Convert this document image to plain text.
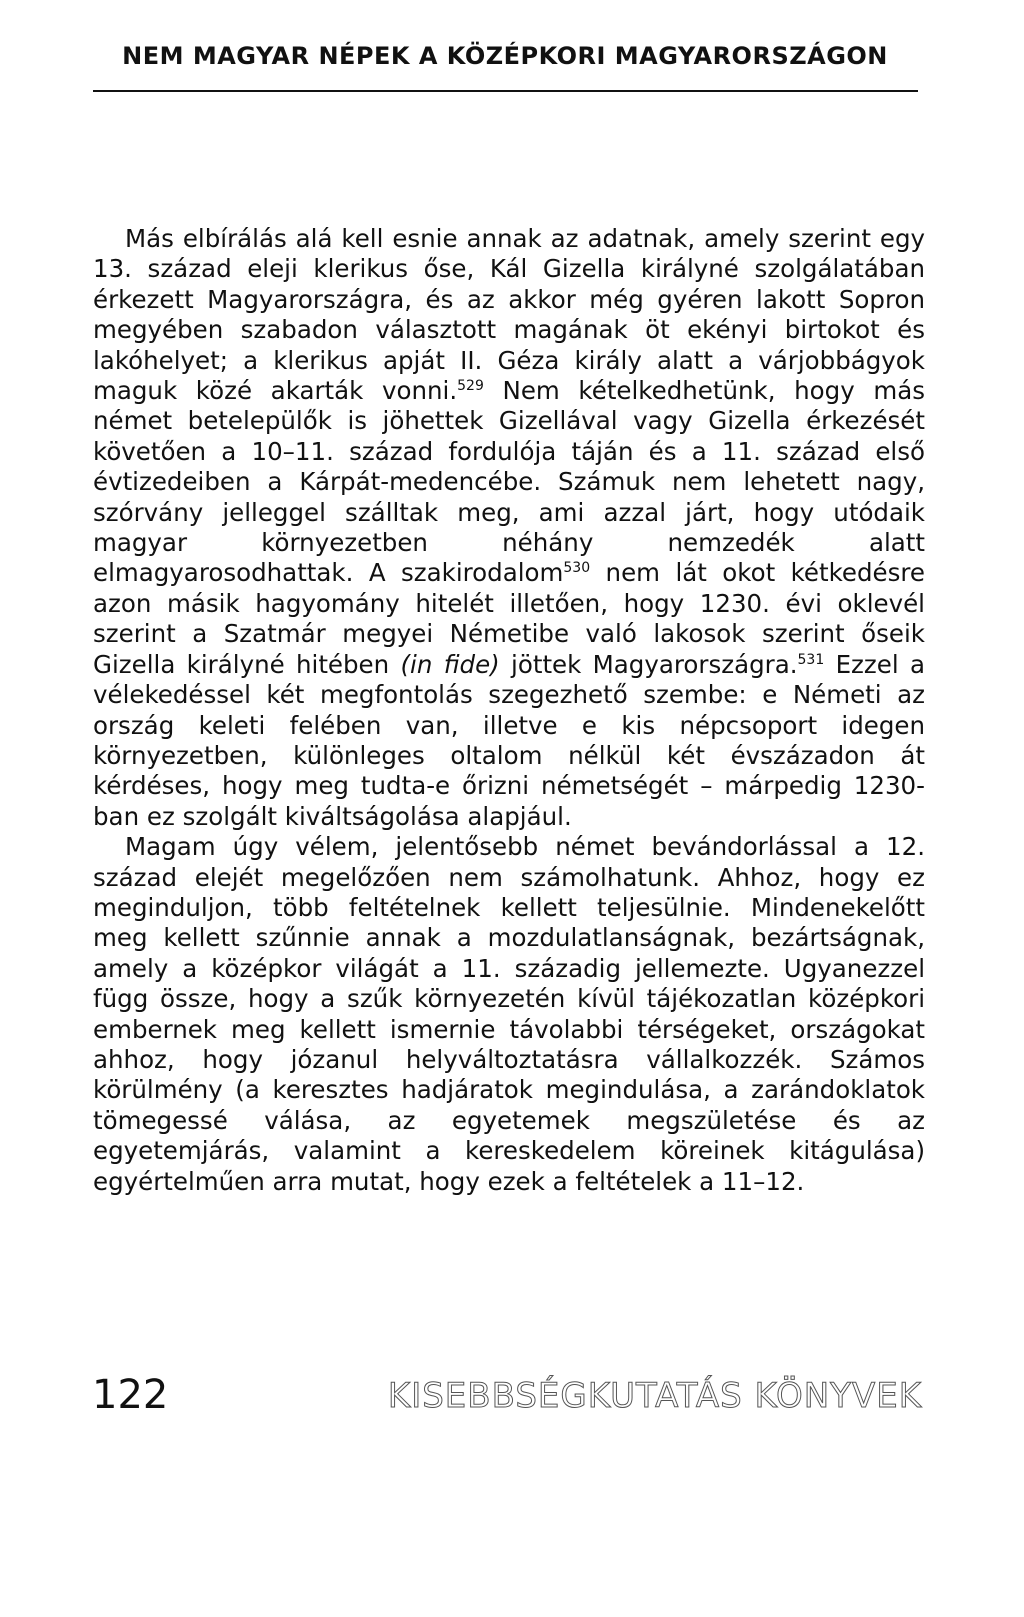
NEM MAGYAR NÉPEK A KÖZÉPKORI MAGYARORSZÁGON

Más elbírálás alá kell esnie annak az adatnak, amely szerint egy 13. század eleji klerikus őse, Kál Gizella királyné szolgálatában érkezett Magyarországra, és az akkor még gyéren lakott Sopron megyében szabadon választott magának öt ekényi birtokot és lakóhelyet; a klerikus apját II. Géza király alatt a várjobbágyok maguk közé akarták vonni.$^{529}$ Nem kételkedhetünk, hogy más német betelepülők is jöhettek Gizellával vagy Gizella érkezését követően a 10–11. század fordulója táján és a 11. század első évtizedeiben a Kárpát-medencébe. Számuk nem lehetett nagy, szórvány jelleggel szálltak meg, ami azzal járt, hogy utódaik magyar környezetben néhány nemzedék alatt elmagyarosodhattak. A szakirodalom$^{530}$ nem lát okot kétkedésre azon másik hagyomány hitelét illetően, hogy 1230. évi oklevél szerint a Szatmár megyei Németibe való lakosok szerint őseik Gizella királyné hitében (in fide) jöttek Magyarországra.$^{531}$ Ezzel a vélekedéssel két megfontolás szegezhető szembe: e Németi az ország keleti felében van, illetve e kis népcsoport idegen környezetben, különleges oltalom nélkül két évszázadon át kérdéses, hogy meg tudta-e őrizni németségét – márpedig 1230-ban ez szolgált kiváltságolása alapjául.

Magam úgy vélem, jelentősebb német bevándorlással a 12. század elejét megelőzően nem számolhatunk. Ahhoz, hogy ez meginduljon, több feltételnek kellett teljesülnie. Mindenekelőtt meg kellett szűnnie annak a mozdulatlanságnak, bezártságnak, amely a középkor világát a 11. századig jellemezte. Ugyanezzel függ össze, hogy a szűk környezetén kívül tájékozatlan középkori embernek meg kellett ismernie távolabbi térségeket, országokat ahhoz, hogy józanul helyváltoztatásra vállalkozzék. Számos körülmény (a keresztes hadjáratok megindulása, a zarándoklatok tömegessé válása, az egyetemek megszületése és az egyetemjárás, valamint a kereskedelem köreinek kitágulása) egyértelműen arra mutat, hogy ezek a feltételek a 11–12.

122	KISEBBSÉGKUTATÁS KÖNYVEK
